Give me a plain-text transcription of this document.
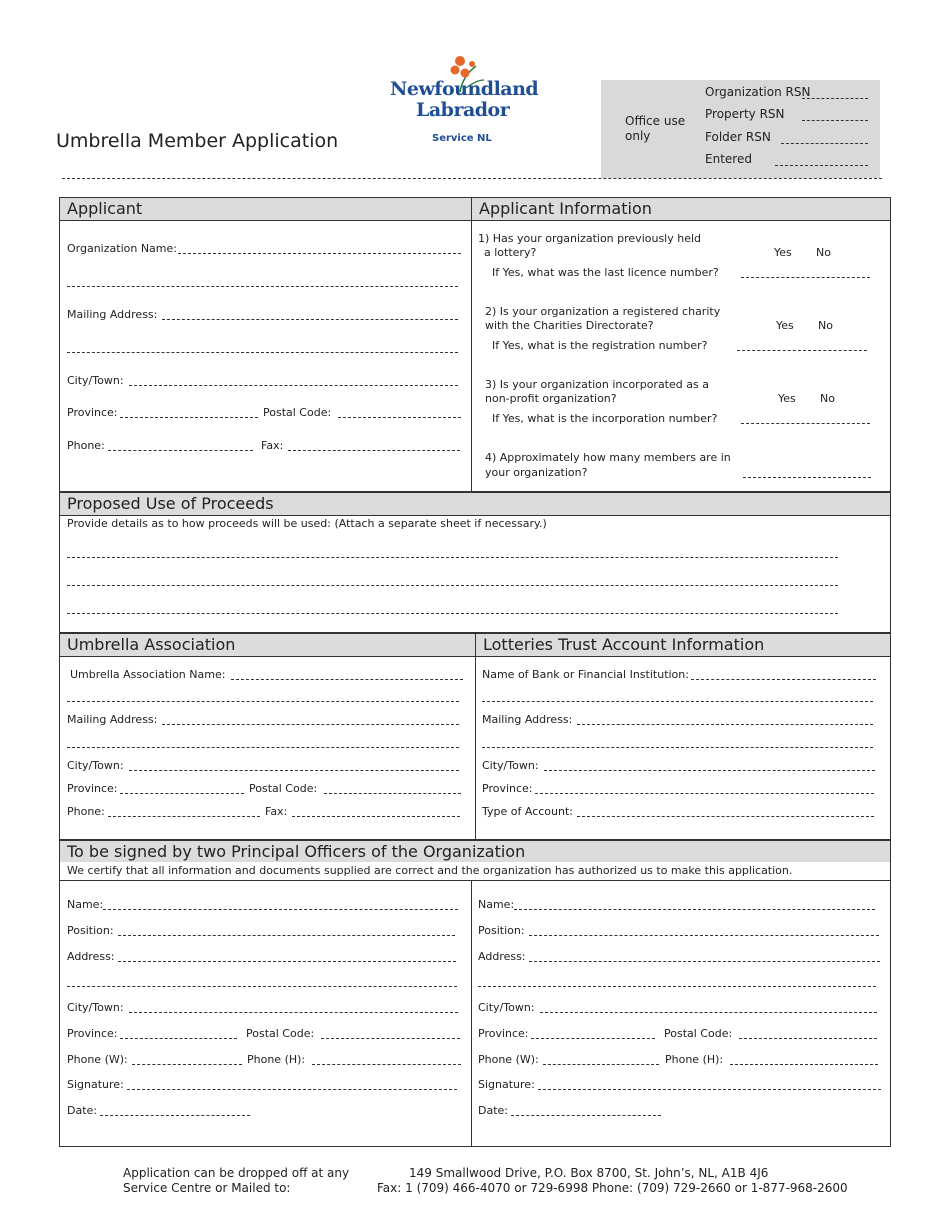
Umbrella Member Application
Newfoundland
Labrador
Service NL
Office use only
Organization RSN
Property RSN
Folder RSN
Entered
Applicant	Applicant Information
Organization Name:
Mailing Address:
City/Town:
Province:	Postal Code:
Phone:	Fax:
1) Has your organization previously held
a lottery?	Yes No
If Yes, what was the last licence number?
2) Is your organization a registered charity
with the Charities Directorate?	Yes No
If Yes, what is the registration number?
3) Is your organization incorporated as a
non-profit organization?	Yes No
If Yes, what is the incorporation number?
4) Approximately how many members are in
your organization?
Proposed Use of Proceeds
Provide details as to how proceeds will be used: (Attach a separate sheet if necessary.)
Umbrella Association	Lotteries Trust Account Information
Umbrella Association Name:
Mailing Address:
City/Town:
Province:	Postal Code:
Phone:	Fax:
Name of Bank or Financial Institution:
Mailing Address:
City/Town:
Province:
Type of Account:
To be signed by two Principal Officers of the Organization
We certify that all information and documents supplied are correct and the organization has authorized us to make this application.
Name:
Position:
Address:
City/Town:
Province:	Postal Code:
Phone (W):	Phone (H):
Signature:
Date:
Name:
Position:
Address:
City/Town:
Province:	Postal Code:
Phone (W):	Phone (H):
Signature:
Date:
Application can be dropped off at any
Service Centre or Mailed to:
149 Smallwood Drive, P.O. Box 8700, St. John’s, NL, A1B 4J6
Fax: 1 (709) 466-4070 or 729-6998 Phone: (709) 729-2660 or 1-877-968-2600
